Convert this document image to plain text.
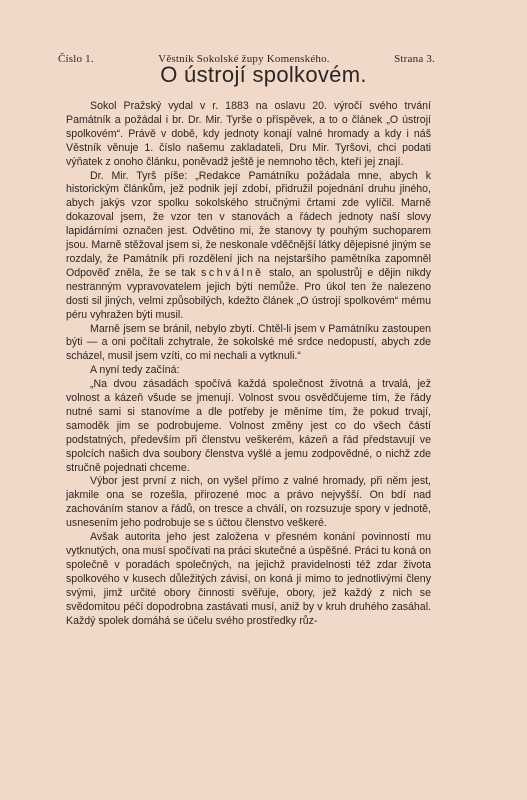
Číslo 1.	Věstník Sokolské župy Komenského.	Strana 3.
O ústrojí spolkovém.

Sokol Pražský vydal v r. 1883 na oslavu 20. výročí svého trvání Památník a požádal i br. Dr. Mir. Tyrše o příspěvek, a to o článek „O ústrojí spolkovém“. Právě v době, kdy jednoty konají valné hromady a kdy i náš Věstník věnuje 1. číslo našemu zakladateli, Dru Mir. Tyršovi, chci podati výňatek z onoho článku, poněvadž ještě je nemnoho těch, kteří jej znají.

Dr. Mir. Tyrš píše: „Redakce Památníku požádala mne, abych k historickým článkům, jež podnik její zdobí, přidružil pojednání druhu jiného, abych jakýs vzor spolku sokolského stručnými črtami zde vylíčil. Marně dokazoval jsem, že vzor ten v stanovách a řádech jednoty naší slovy lapidárními označen jest. Odvětino mi, že stanovy ty pouhým suchoparem jsou. Marně stěžoval jsem si, že neskonale vděčnější látky dějepisné jiným se rozdaly, že Památník při rozdělení jich na nejstaršího pamětníka zapomněl Odpověď zněla, že se tak schválně stalo, an spolustrůj e dějin nikdy nestranným vypravovatelem jejich býti nemůže. Pro úkol ten že nalezeno dosti sil jiných, velmi způsobilých, kdežto článek „O ústrojí spolkovém“ mému péru vyhražen býti musil.

Marně jsem se bránil, nebylo zbytí. Chtěl-li jsem v Památníku zastoupen býti — a oni počítali zchytrale, že sokolské mé srdce nedopustí, abych zde scházel, musil jsem vzíti, co mi nechali a vytknuli.“

A nyní tedy začíná:

„Na dvou zásadách spočívá každá společnost životná a trvalá, jež volnost a kázeň všude se jmenují. Volnost svou osvědčujeme tím, že řády nutné sami si stanovíme a dle potřeby je měníme tím, že pokud trvají, samoděk jim se podrobujeme. Volnost změny jest co do všech částí podstatných, především při členstvu veškerém, kázeň a řád představují ve spolcích našich dva soubory členstva vyšlé a jemu zodpovědné, o nichž zde stručně pojednati chceme.

Výbor jest první z nich, on vyšel přímo z valné hromady, při něm jest, jakmile ona se rozešla, přirozené moc a právo nejvyšší. On bdí nad zachováním stanov a řádů, on tresce a chválí, on rozsuzuje spory v jednotě, usnesením jeho podrobuje se s účtou členstvo veškeré.

Avšak autorita jeho jest založena v přesném konání povinností mu vytknutých, ona musí spočívati na práci skutečné a úspěšné. Práci tu koná on společně v poradách společných, na jejichž pravidelnosti též zdar života spolkového v kusech důležitých závisí, on koná ji mimo to jednotlivými členy svými, jimž určité obory činnosti svěřuje, obory, jež každý z nich se svědomitou péčí dopodrobna zastávati musí, aniž by v kruh druhého zasáhal. Každý spolek domáhá se účelu svého prostředky růz-
